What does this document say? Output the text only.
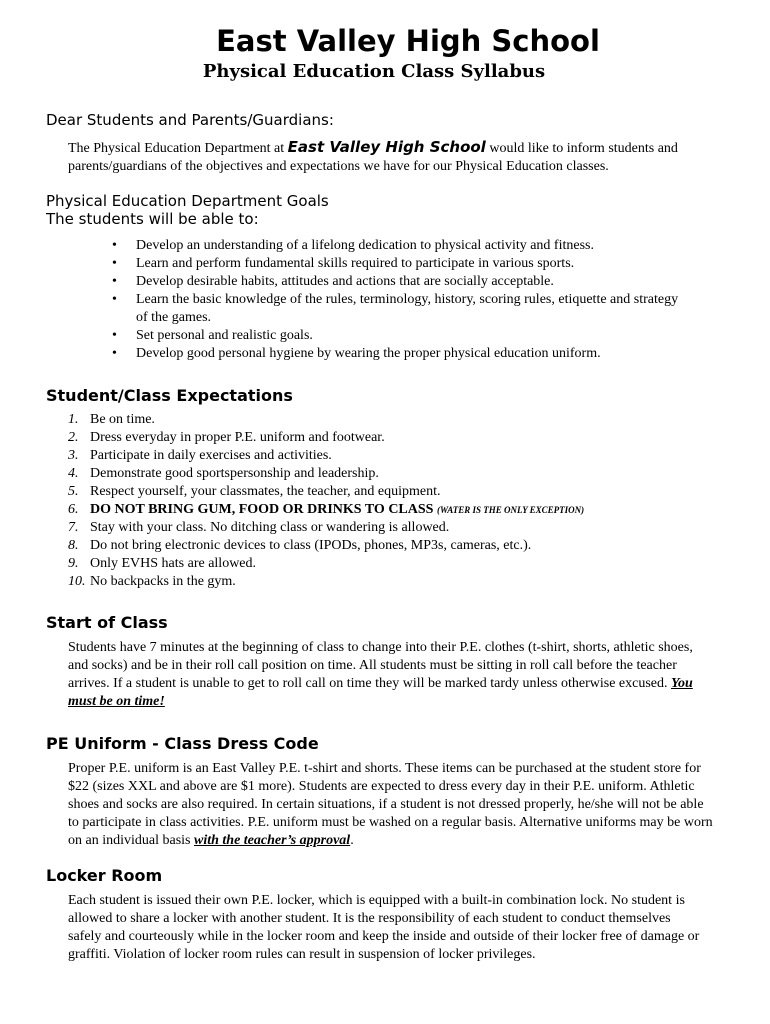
East Valley High School
Physical Education Class Syllabus
Dear Students and Parents/Guardians:

The Physical Education Department at East Valley High School would like to inform students and parents/guardians of the objectives and expectations we have for our Physical Education classes.

Physical Education Department Goals
The students will be able to:
• Develop an understanding of a lifelong dedication to physical activity and fitness.
• Learn and perform fundamental skills required to participate in various sports.
• Develop desirable habits, attitudes and actions that are socially acceptable.
• Learn the basic knowledge of the rules, terminology, history, scoring rules, etiquette and strategy of the games.
• Set personal and realistic goals.
• Develop good personal hygiene by wearing the proper physical education uniform.
Student/Class Expectations
1. Be on time.
2. Dress everyday in proper P.E. uniform and footwear.
3. Participate in daily exercises and activities.
4. Demonstrate good sportspersonship and leadership.
5. Respect yourself, your classmates, the teacher, and equipment.
6. DO NOT BRING GUM, FOOD OR DRINKS TO CLASS (WATER IS THE ONLY EXCEPTION)
7. Stay with your class. No ditching class or wandering is allowed.
8. Do not bring electronic devices to class (IPODs, phones, MP3s, cameras, etc.).
9. Only EVHS hats are allowed.
10. No backpacks in the gym.
Start of Class

Students have 7 minutes at the beginning of class to change into their P.E. clothes (t-shirt, shorts, athletic shoes, and socks) and be in their roll call position on time. All students must be sitting in roll call before the teacher arrives. If a student is unable to get to roll call on time they will be marked tardy unless otherwise excused. You must be on time!

PE Uniform - Class Dress Code

Proper P.E. uniform is an East Valley P.E. t-shirt and shorts. These items can be purchased at the student store for $22 (sizes XXL and above are $1 more). Students are expected to dress every day in their P.E. uniform. Athletic shoes and socks are also required. In certain situations, if a student is not dressed properly, he/she will not be able to participate in class activities. P.E. uniform must be washed on a regular basis. Alternative uniforms may be worn on an individual basis with the teacher’s approval.

Locker Room

Each student is issued their own P.E. locker, which is equipped with a built-in combination lock. No student is allowed to share a locker with another student. It is the responsibility of each student to conduct themselves safely and courteously while in the locker room and keep the inside and outside of their locker free of damage or graffiti. Violation of locker room rules can result in suspension of locker privileges.
